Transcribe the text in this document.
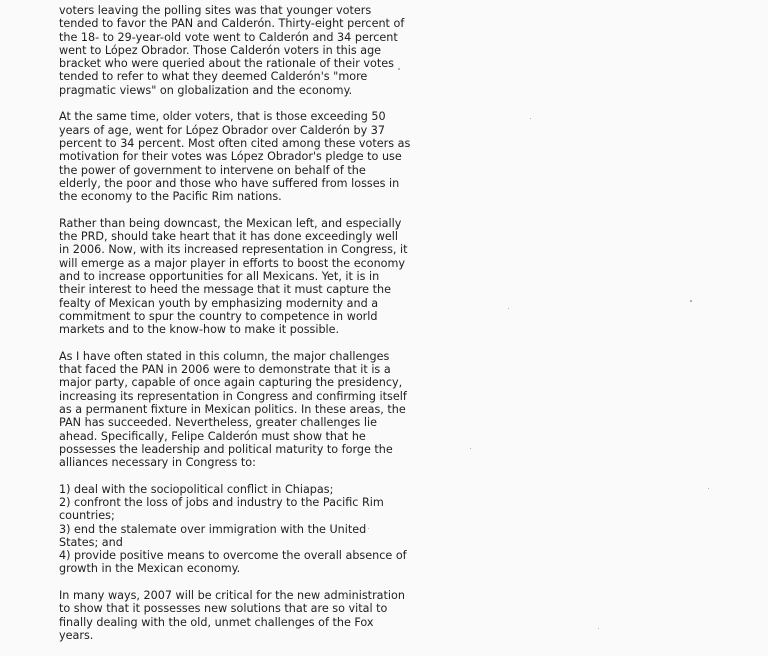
voters leaving the polling sites was that younger voters
tended to favor the PAN and Calderón. Thirty-eight percent of
the 18- to 29-year-old vote went to Calderón and 34 percent
went to López Obrador. Those Calderón voters in this age
bracket who were queried about the rationale of their votes
tended to refer to what they deemed Calderón's "more
pragmatic views" on globalization and the economy.

At the same time, older voters, that is those exceeding 50
years of age, went for López Obrador over Calderón by 37
percent to 34 percent. Most often cited among these voters as
motivation for their votes was López Obrador's pledge to use
the power of government to intervene on behalf of the
elderly, the poor and those who have suffered from losses in
the economy to the Pacific Rim nations.

Rather than being downcast, the Mexican left, and especially
the PRD, should take heart that it has done exceedingly well
in 2006. Now, with its increased representation in Congress, it
will emerge as a major player in efforts to boost the economy
and to increase opportunities for all Mexicans. Yet, it is in
their interest to heed the message that it must capture the
fealty of Mexican youth by emphasizing modernity and a
commitment to spur the country to competence in world
markets and to the know-how to make it possible.

As I have often stated in this column, the major challenges
that faced the PAN in 2006 were to demonstrate that it is a
major party, capable of once again capturing the presidency,
increasing its representation in Congress and confirming itself
as a permanent fixture in Mexican politics. In these areas, the
PAN has succeeded. Nevertheless, greater challenges lie
ahead. Specifically, Felipe Calderón must show that he
possesses the leadership and political maturity to forge the
alliances necessary in Congress to:

1) deal with the sociopolitical conflict in Chiapas;
2) confront the loss of jobs and industry to the Pacific Rim
countries;
3) end the stalemate over immigration with the United
States; and
4) provide positive means to overcome the overall absence of
growth in the Mexican economy.

In many ways, 2007 will be critical for the new administration
to show that it possesses new solutions that are so vital to
finally dealing with the old, unmet challenges of the Fox
years.
